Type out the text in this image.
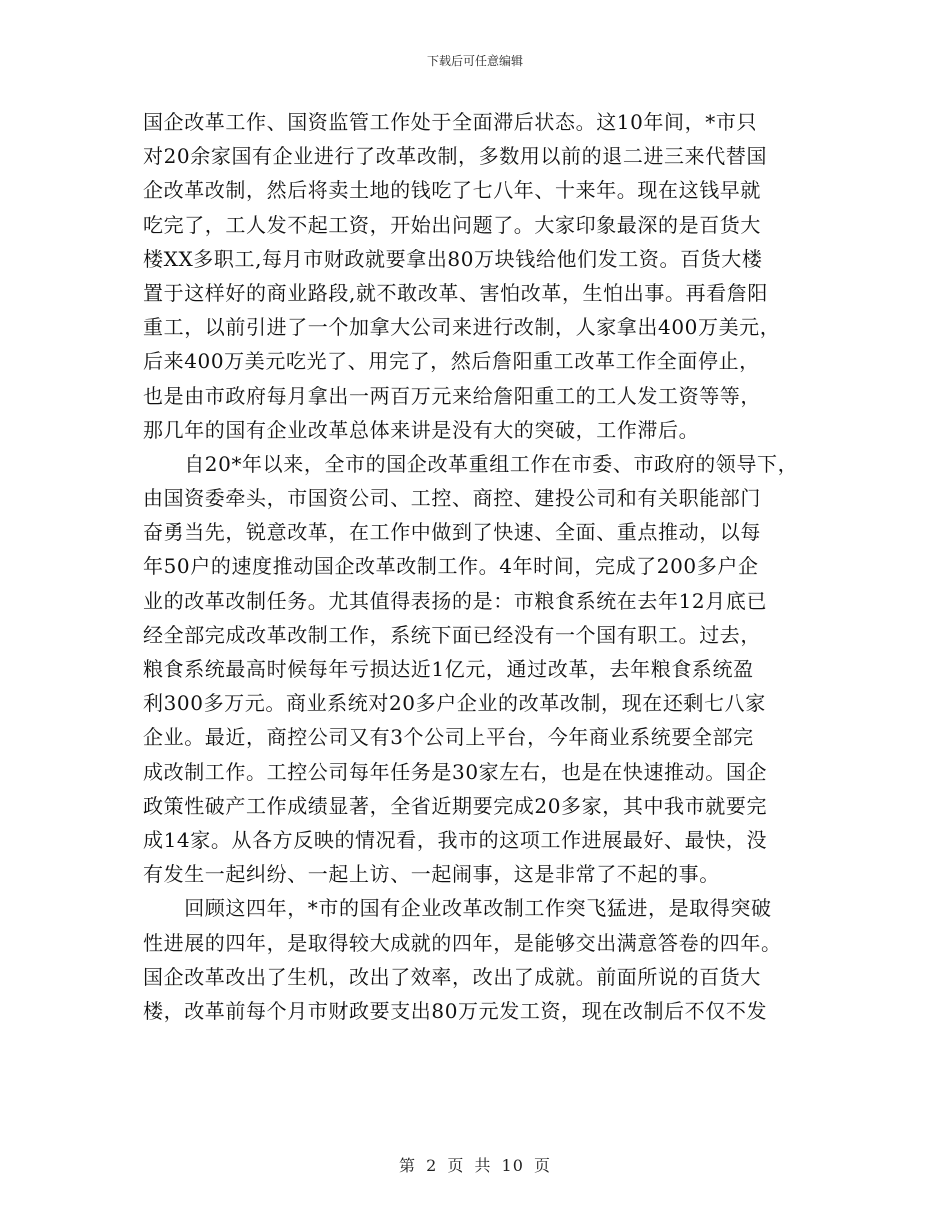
下载后可任意编辑
国企改革工作、国资监管工作处于全面滞后状态。这10年间，*市只
对20余家国有企业进行了改革改制，多数用以前的退二进三来代替国
企改革改制，然后将卖土地的钱吃了七八年、十来年。现在这钱早就
吃完了，工人发不起工资，开始出问题了。大家印象最深的是百货大
楼XX多职工,每月市财政就要拿出80万块钱给他们发工资。百货大楼
置于这样好的商业路段,就不敢改革、害怕改革，生怕出事。再看詹阳
重工，以前引进了一个加拿大公司来进行改制，人家拿出400万美元，
后来400万美元吃光了、用完了，然后詹阳重工改革工作全面停止，
也是由市政府每月拿出一两百万元来给詹阳重工的工人发工资等等，
那几年的国有企业改革总体来讲是没有大的突破，工作滞后。
　　自20*年以来，全市的国企改革重组工作在市委、市政府的领导下，
由国资委牵头，市国资公司、工控、商控、建投公司和有关职能部门
奋勇当先，锐意改革，在工作中做到了快速、全面、重点推动，以每
年50户的速度推动国企改革改制工作。4年时间，完成了200多户企
业的改革改制任务。尤其值得表扬的是：市粮食系统在去年12月底已
经全部完成改革改制工作，系统下面已经没有一个国有职工。过去，
粮食系统最高时候每年亏损达近1亿元，通过改革，去年粮食系统盈
利300多万元。商业系统对20多户企业的改革改制，现在还剩七八家
企业。最近，商控公司又有3个公司上平台，今年商业系统要全部完
成改制工作。工控公司每年任务是30家左右，也是在快速推动。国企
政策性破产工作成绩显著，全省近期要完成20多家，其中我市就要完
成14家。从各方反映的情况看，我市的这项工作进展最好、最快，没
有发生一起纠纷、一起上访、一起闹事，这是非常了不起的事。
　　回顾这四年，*市的国有企业改革改制工作突飞猛进，是取得突破
性进展的四年，是取得较大成就的四年，是能够交出满意答卷的四年。
国企改革改出了生机，改出了效率，改出了成就。前面所说的百货大
楼，改革前每个月市财政要支出80万元发工资，现在改制后不仅不发
第 2 页 共 10 页
